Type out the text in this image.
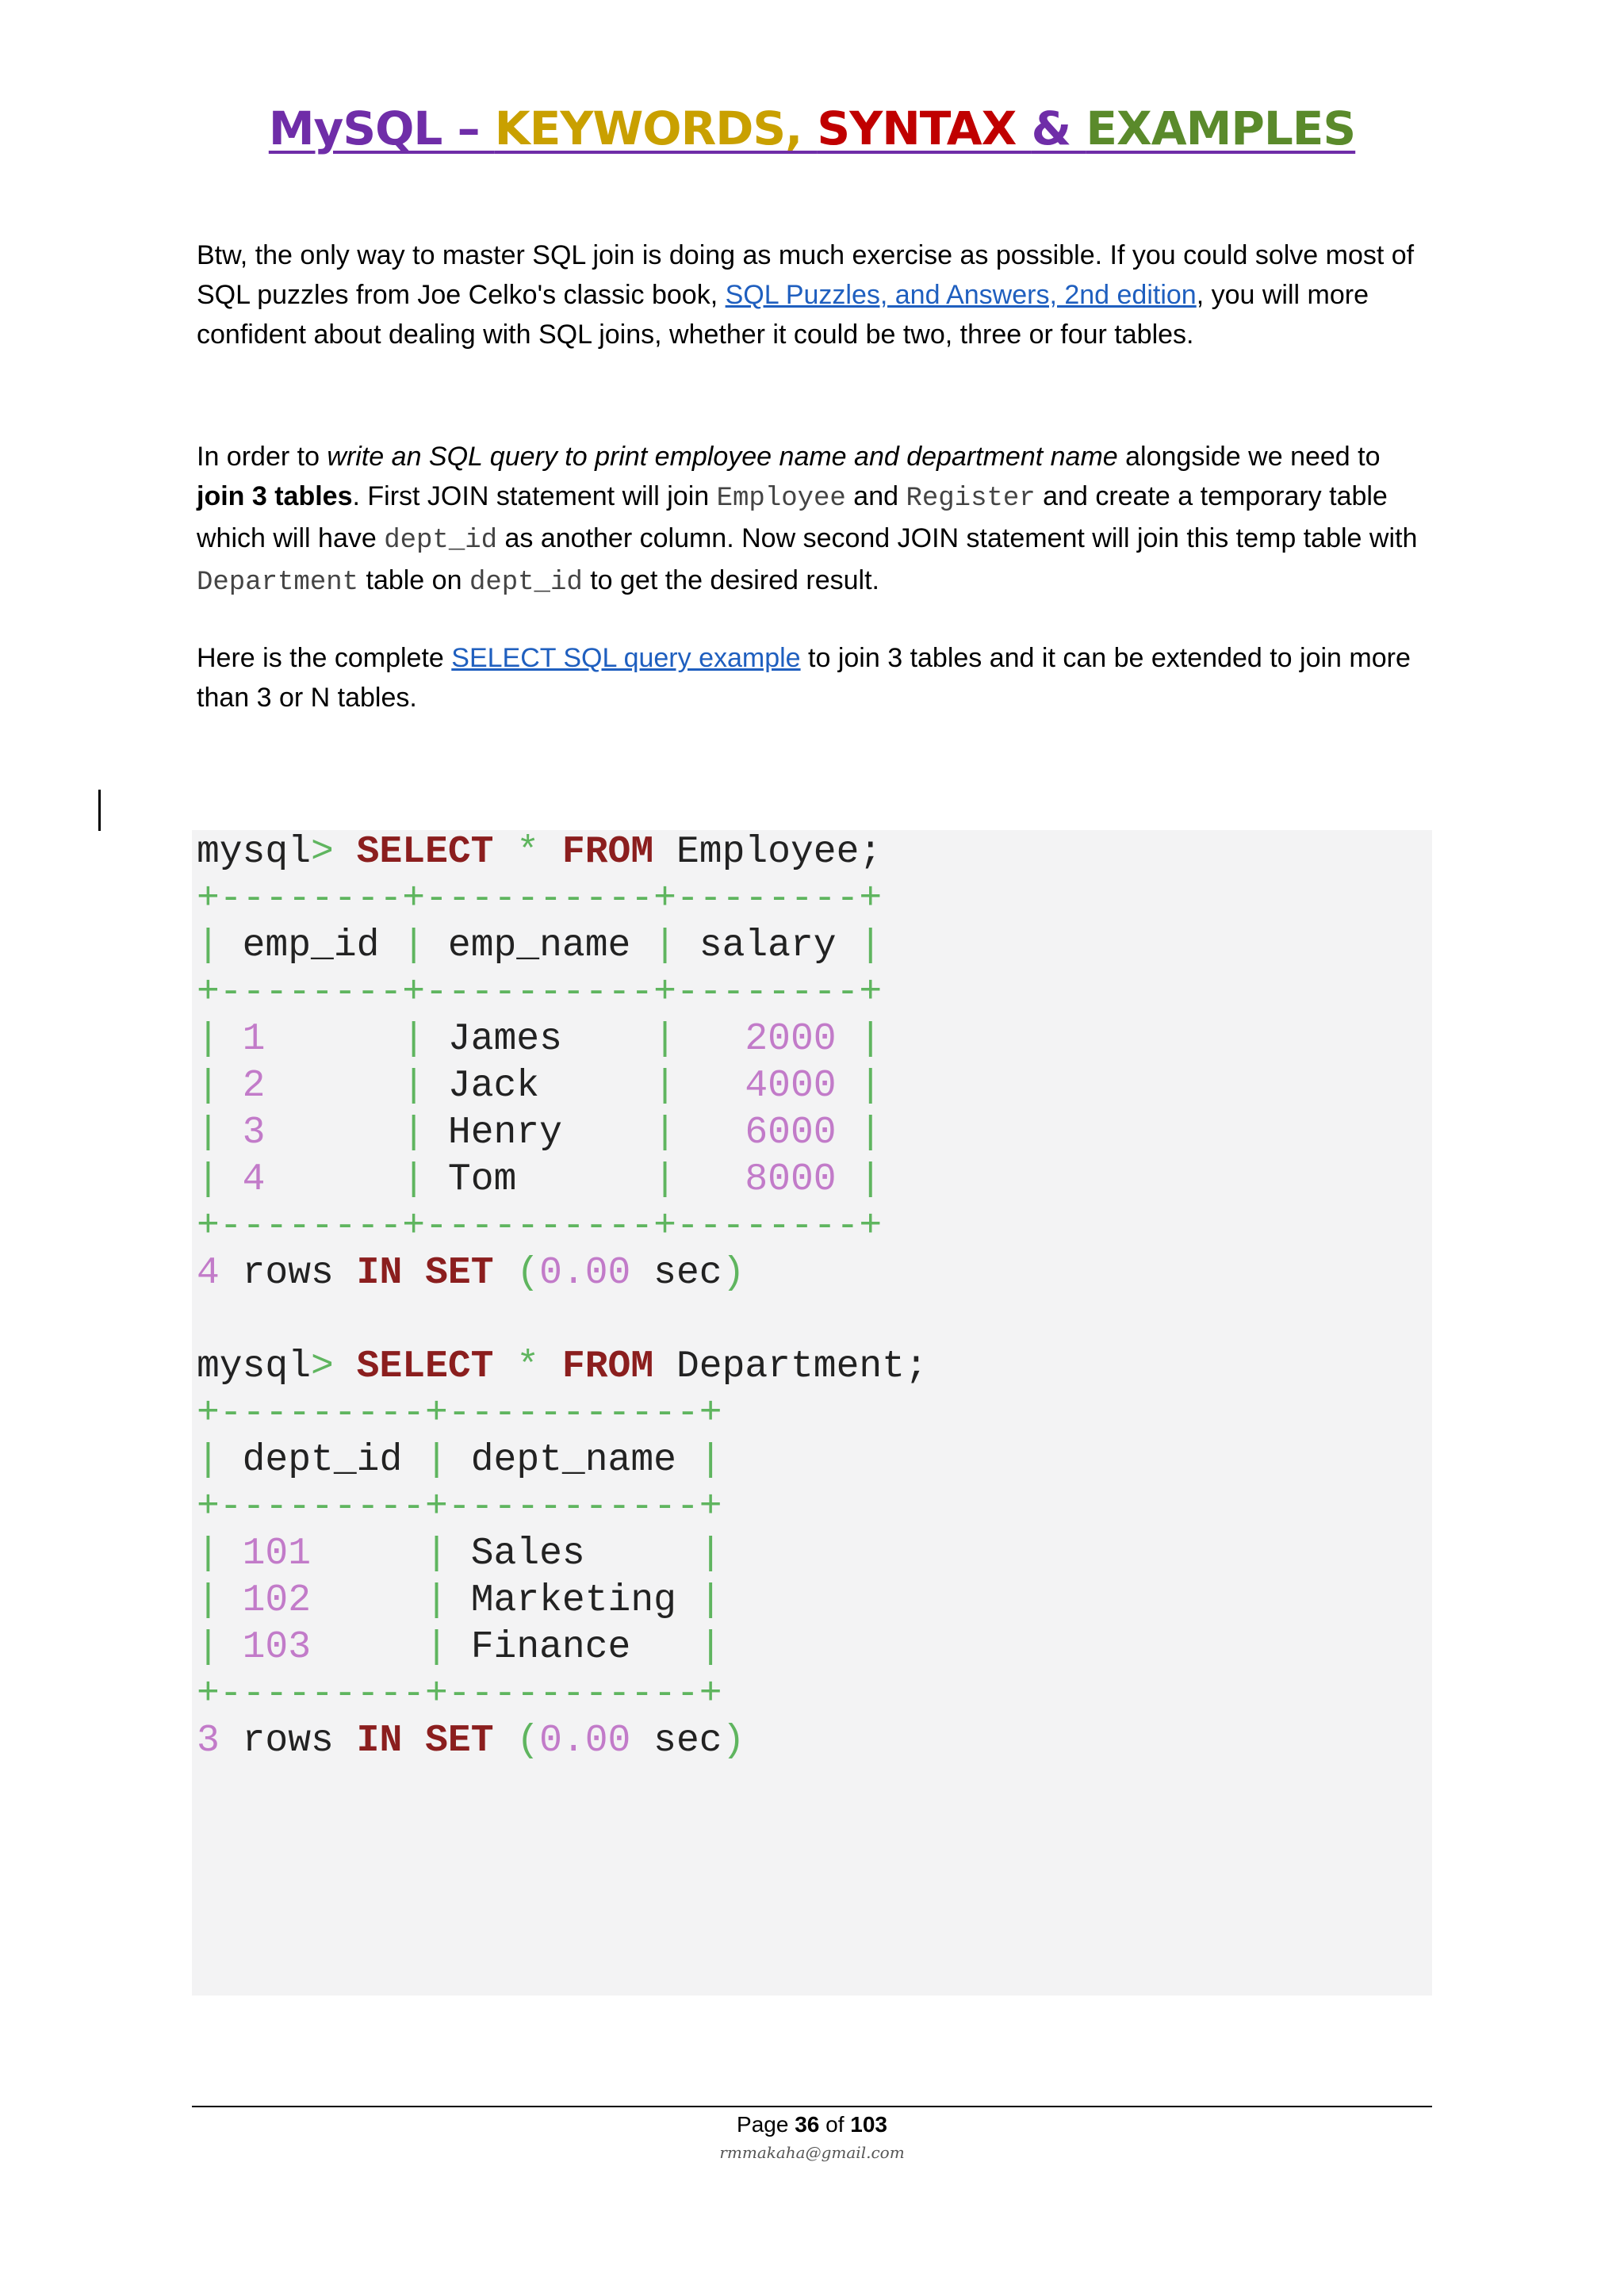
MySQL – KEYWORDS, SYNTAX & EXAMPLES
Btw, the only way to master SQL join is doing as much exercise as possible. If you could solve most of SQL puzzles from Joe Celko's classic book, SQL Puzzles, and Answers, 2nd edition, you will more confident about dealing with SQL joins, whether it could be two, three or four tables.
In order to write an SQL query to print employee name and department name alongside we need to join 3 tables. First JOIN statement will join Employee and Register and create a temporary table which will have dept_id as another column. Now second JOIN statement will join this temp table with Department table on dept_id to get the desired result.
Here is the complete SELECT SQL query example to join 3 tables and it can be extended to join more than 3 or N tables.
mysql> SELECT * FROM Employee;
+--------+----------+--------+
| emp_id | emp_name | salary |
+--------+----------+--------+
| 1	| James | 2000 |
| 2	| Jack	| 4000 |
| 3	| Henry | 6000 |
| 4	| Tom	| 8000 |
+--------+----------+--------+
4 rows IN SET (0.00 sec)

mysql> SELECT * FROM Department;
+---------+-----------+
| dept_id | dept_name |
+---------+-----------+
| 101	| Sales	|
| 102	| Marketing |
| 103	| Finance |
+---------+-----------+
3 rows IN SET (0.00 sec)
Page 36 of 103
rmmakaha@gmail.com
